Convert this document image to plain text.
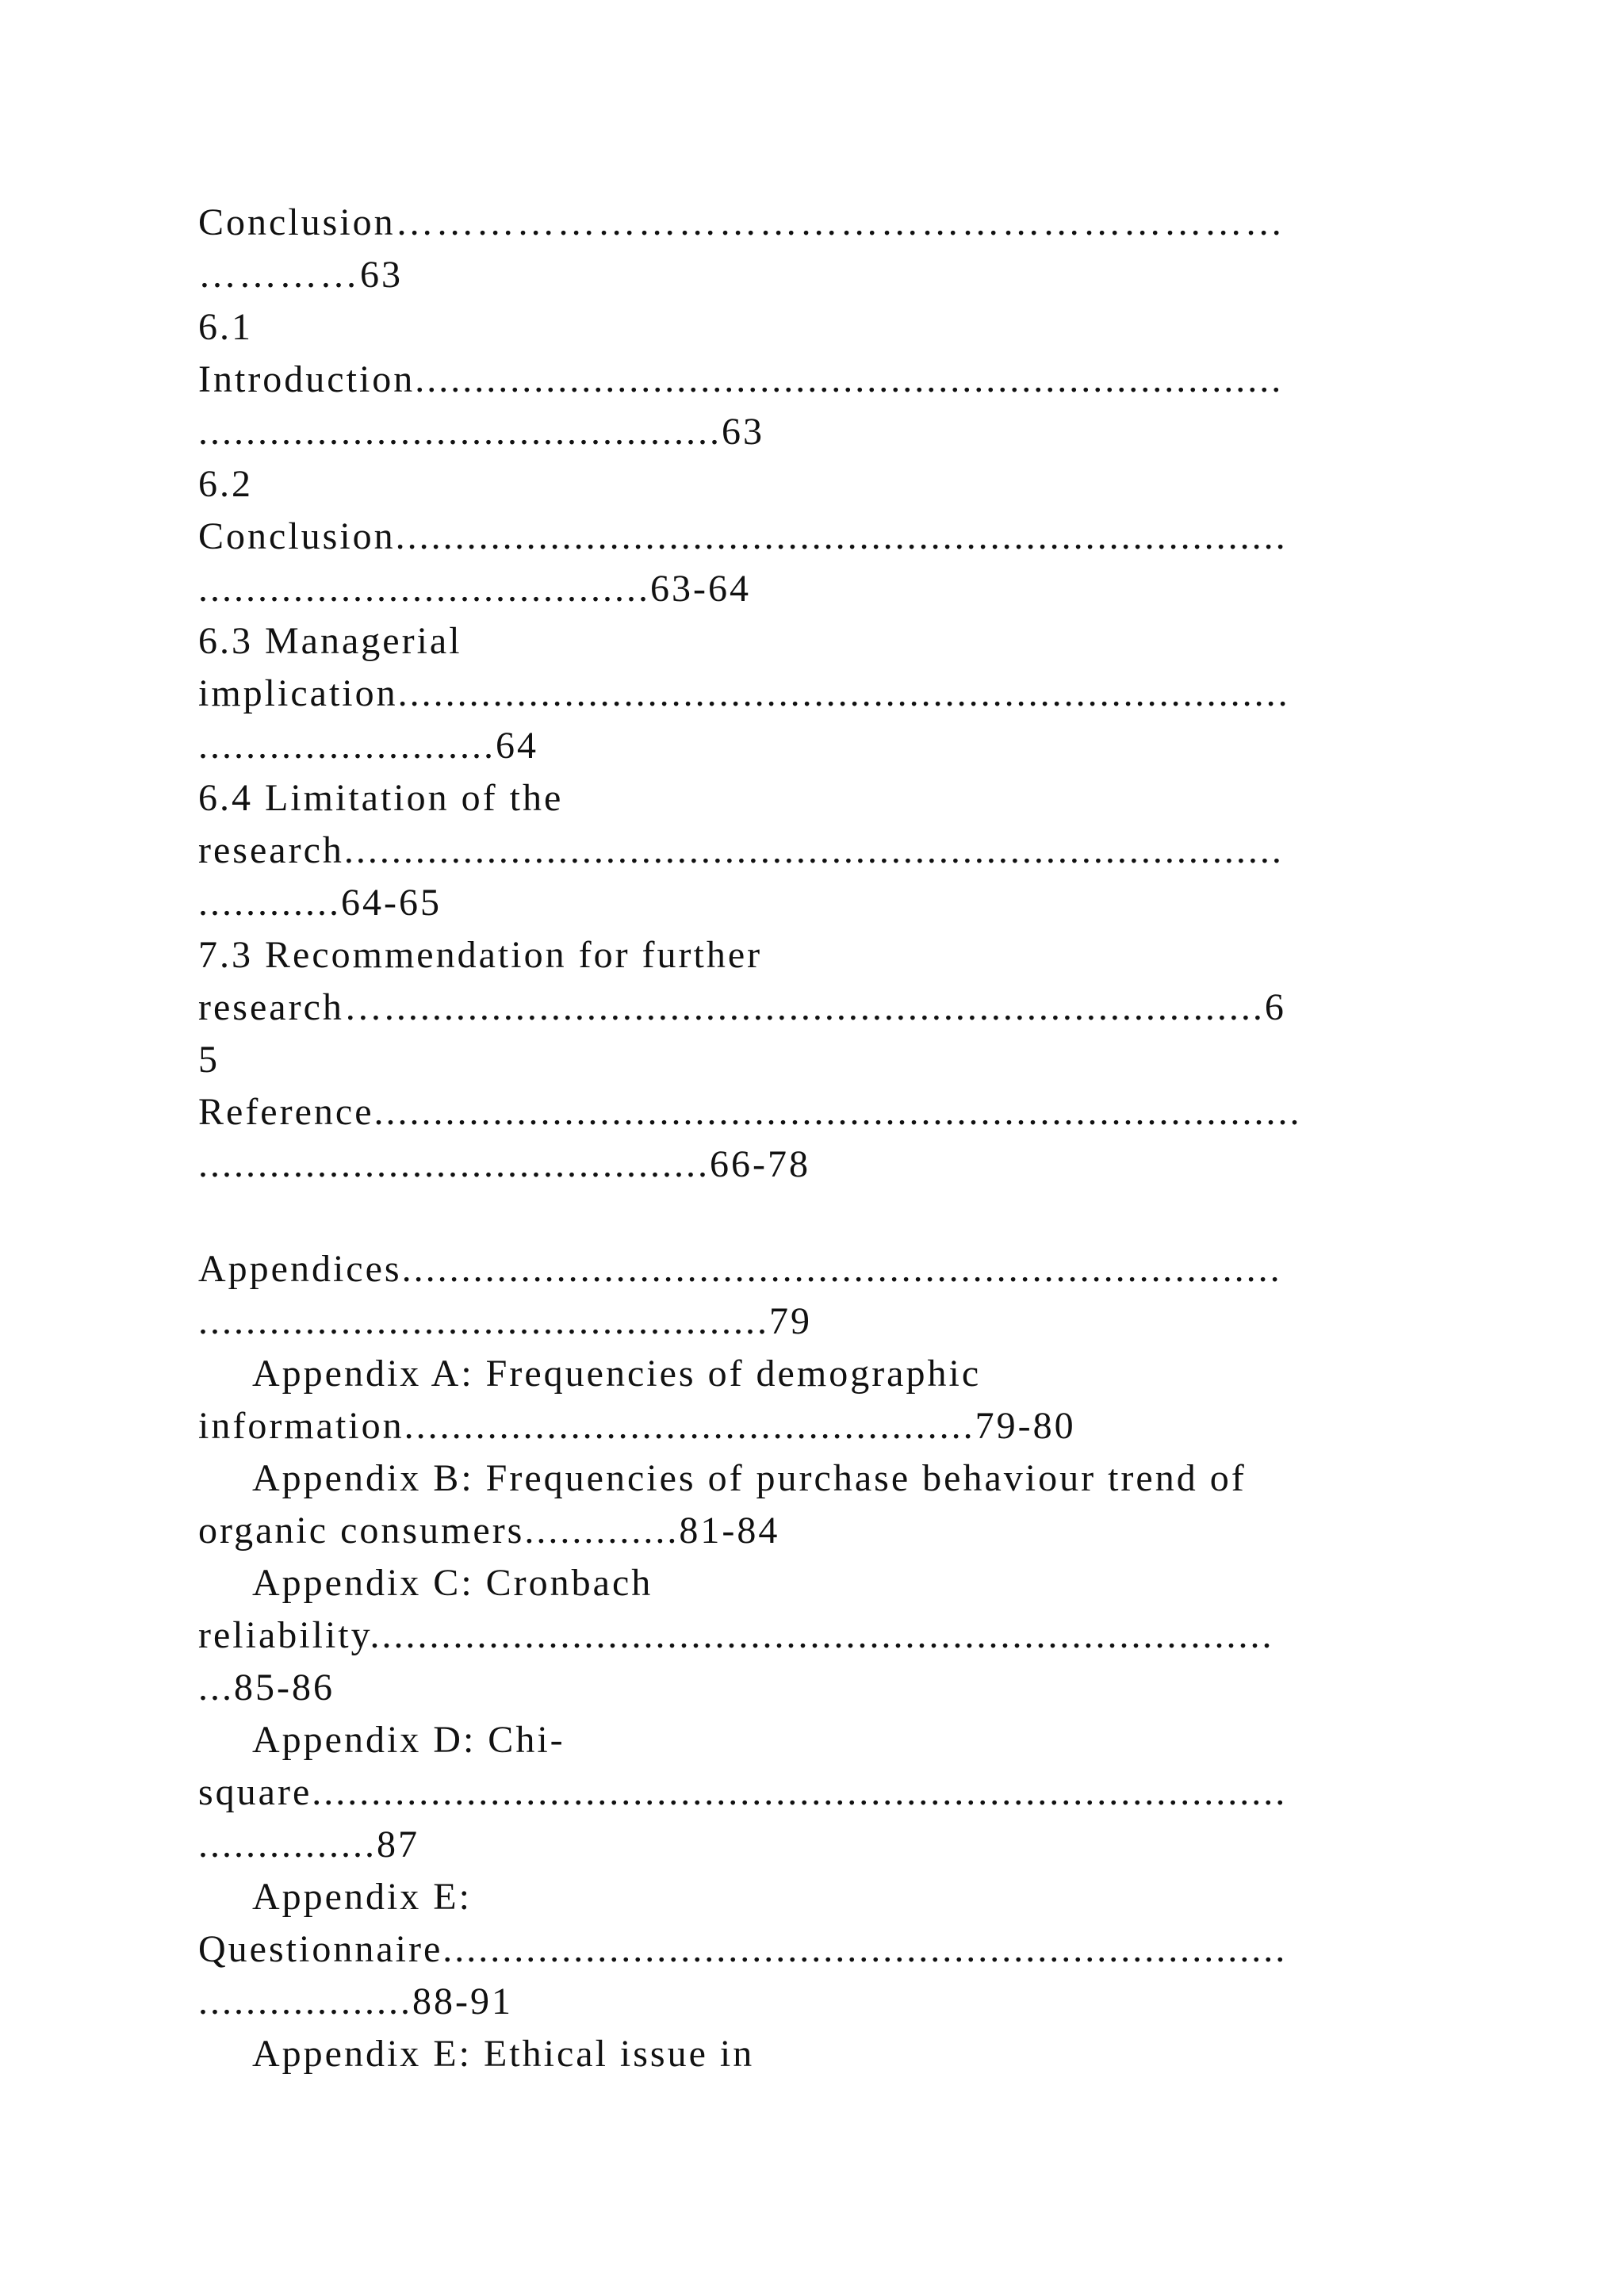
Conclusion…………………………………………………………
…………63
6.1
Introduction.........................................................................
............................................63
6.2
Conclusion...........................................................................
......................................63-64
6.3 Managerial
implication...........................................................................
.........................64
6.4 Limitation of the
research...............................................................................
............64-65
7.3 Recommendation for further
research…..........................................................................6
5
Reference..............................................................................
...........................................66-78
Appendices..........................................................................
................................................79
Appendix A: Frequencies of demographic
information................................................79-80
Appendix B: Frequencies of purchase behaviour trend of
organic consumers.............81-84
Appendix C: Cronbach
reliability............................................................................
...85-86
Appendix D: Chi-
square..................................................................................
...............87
Appendix E:
Questionnaire.......................................................................
..................88-91
Appendix E: Ethical issue in
